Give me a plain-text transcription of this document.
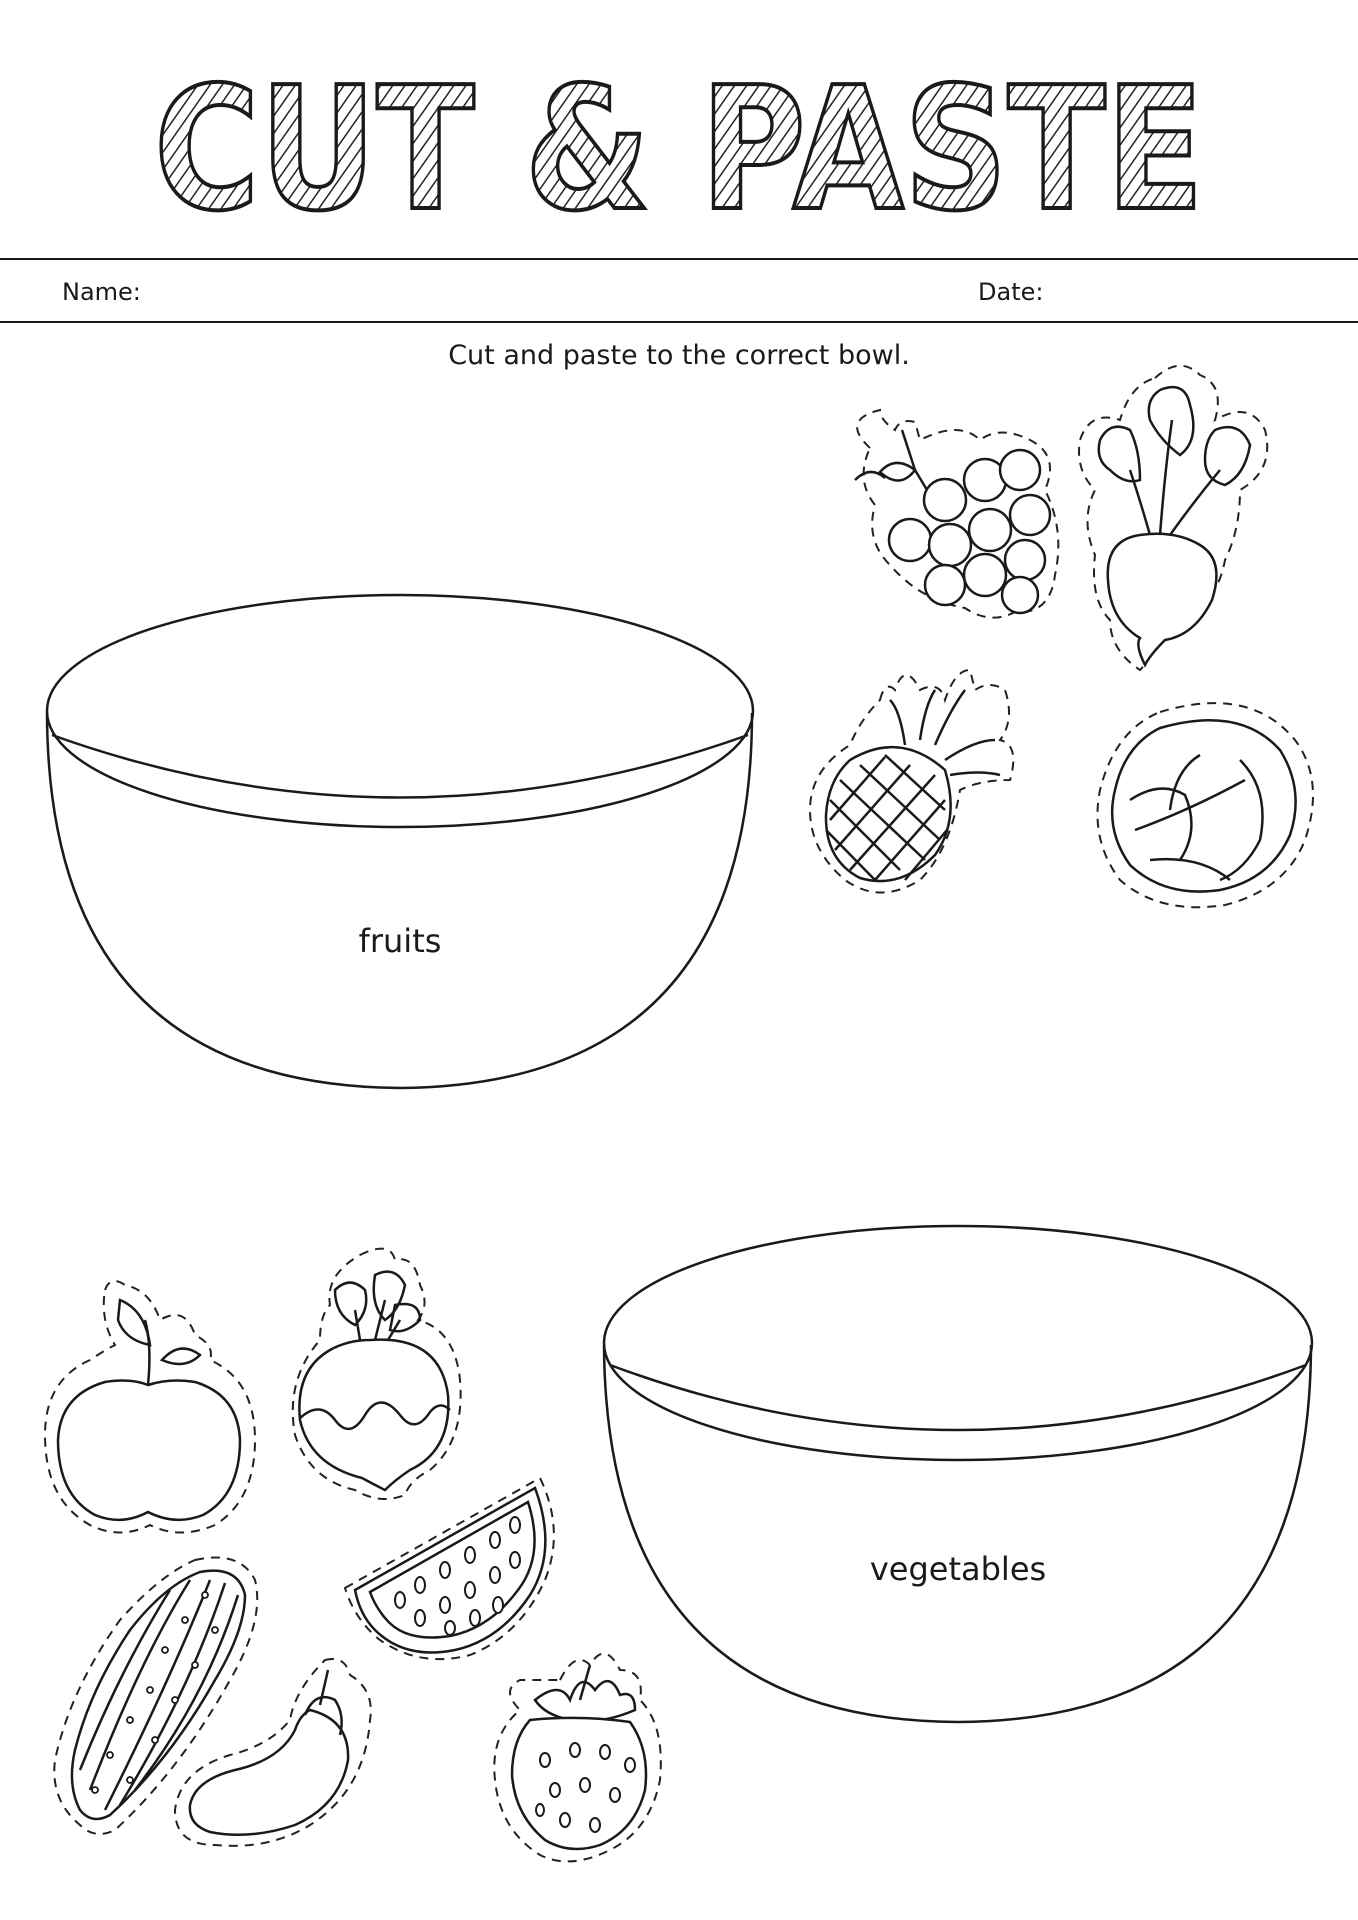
CUT & PASTE
Name:	Date:
Cut and paste to the correct bowl.
fruits
vegetables
